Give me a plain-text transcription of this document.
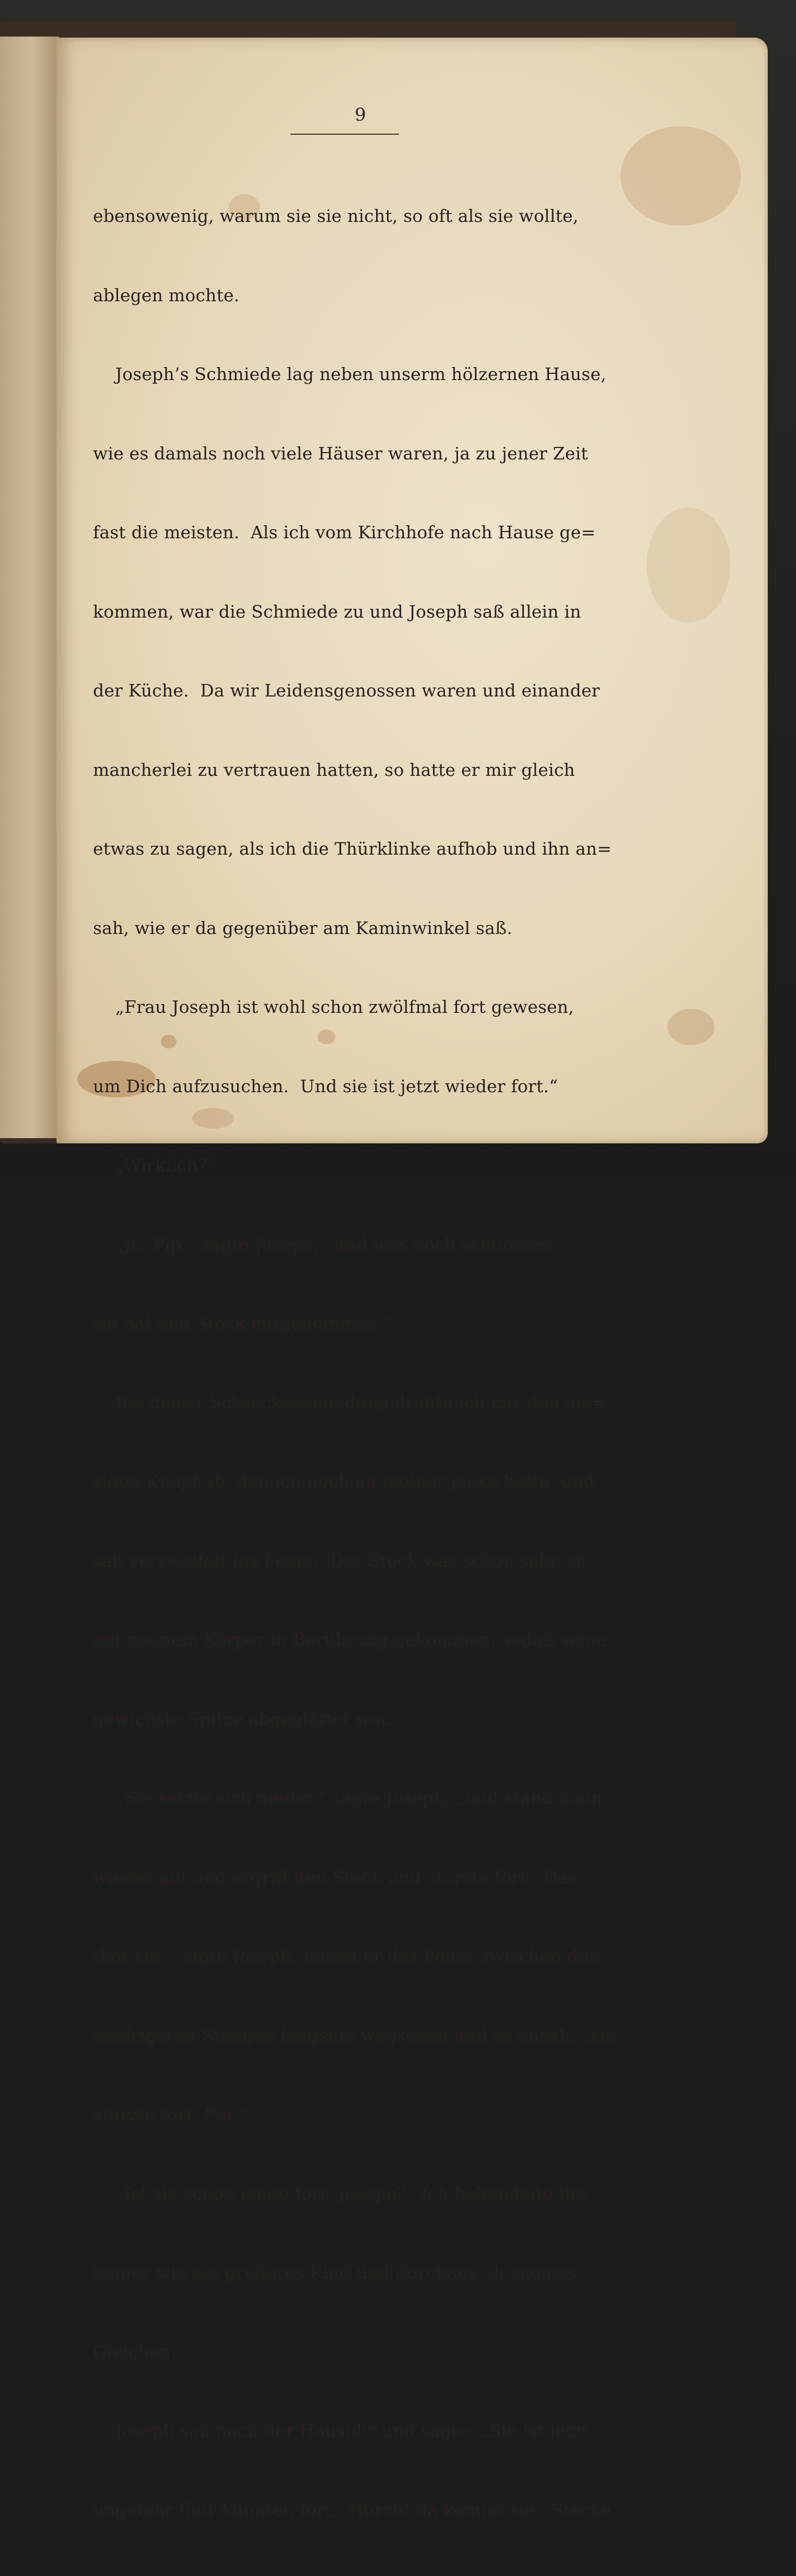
9

ebensowenig, warum sie sie nicht, so oft als sie wollte,

ablegen mochte.

Joseph’s Schmiede lag neben unserm hölzernen Hause,

wie es damals noch viele Häuser waren, ja zu jener Zeit

fast die meisten.  Als ich vom Kirchhofe nach Hause ge=

kommen, war die Schmiede zu und Joseph saß allein in

der Küche.  Da wir Leidensgenossen waren und einander

mancherlei zu vertrauen hatten, so hatte er mir gleich

etwas zu sagen, als ich die Thürklinke aufhob und ihn an=

sah, wie er da gegenüber am Kaminwinkel saß.

„Frau Joseph ist wohl schon zwölfmal fort gewesen,

um Dich aufzusuchen.  Und sie ist jetzt wieder fort.“

„Wirklich?“

„Ja, Pip,“ sagte Joseph, „und was noch schlimmer,

sie hat den Stock mitgenommen.“

Bei dieser Schreckensmeldung drehte ich mir den ein=

zigen Knopf ab, den ich noch an meiner Jacke hatte, und

sah verzweifelt ins Feuer.  Der Stock war schon sehr oft

mit meinem Körper in Berührung gekommen, sodaß seine

gewichste Spitze abgeglättet war.

„Sie setzte sich nieder,“ sagte Joseph, „und stand dann

wieder auf und ergriff den Stock und stürzte fort.  Das

that sie,“ sagte Joseph, indem er das Feuer zwischen den

niedrigeren Stangen langsam wegschob und es ansah, „sie

stürzte fort, Pip.“

„Ist sie schon lange fort, Joseph?“ Ich behandelte ihn

immer wie ein größeres Kind und durchaus als meines

Gleichen.

Joseph sah nach der Hausuhr und sagte: „Sie ist jetzt

ungefähr fünf Minuten fort.  Horch! da kommt sie.  Stecke
